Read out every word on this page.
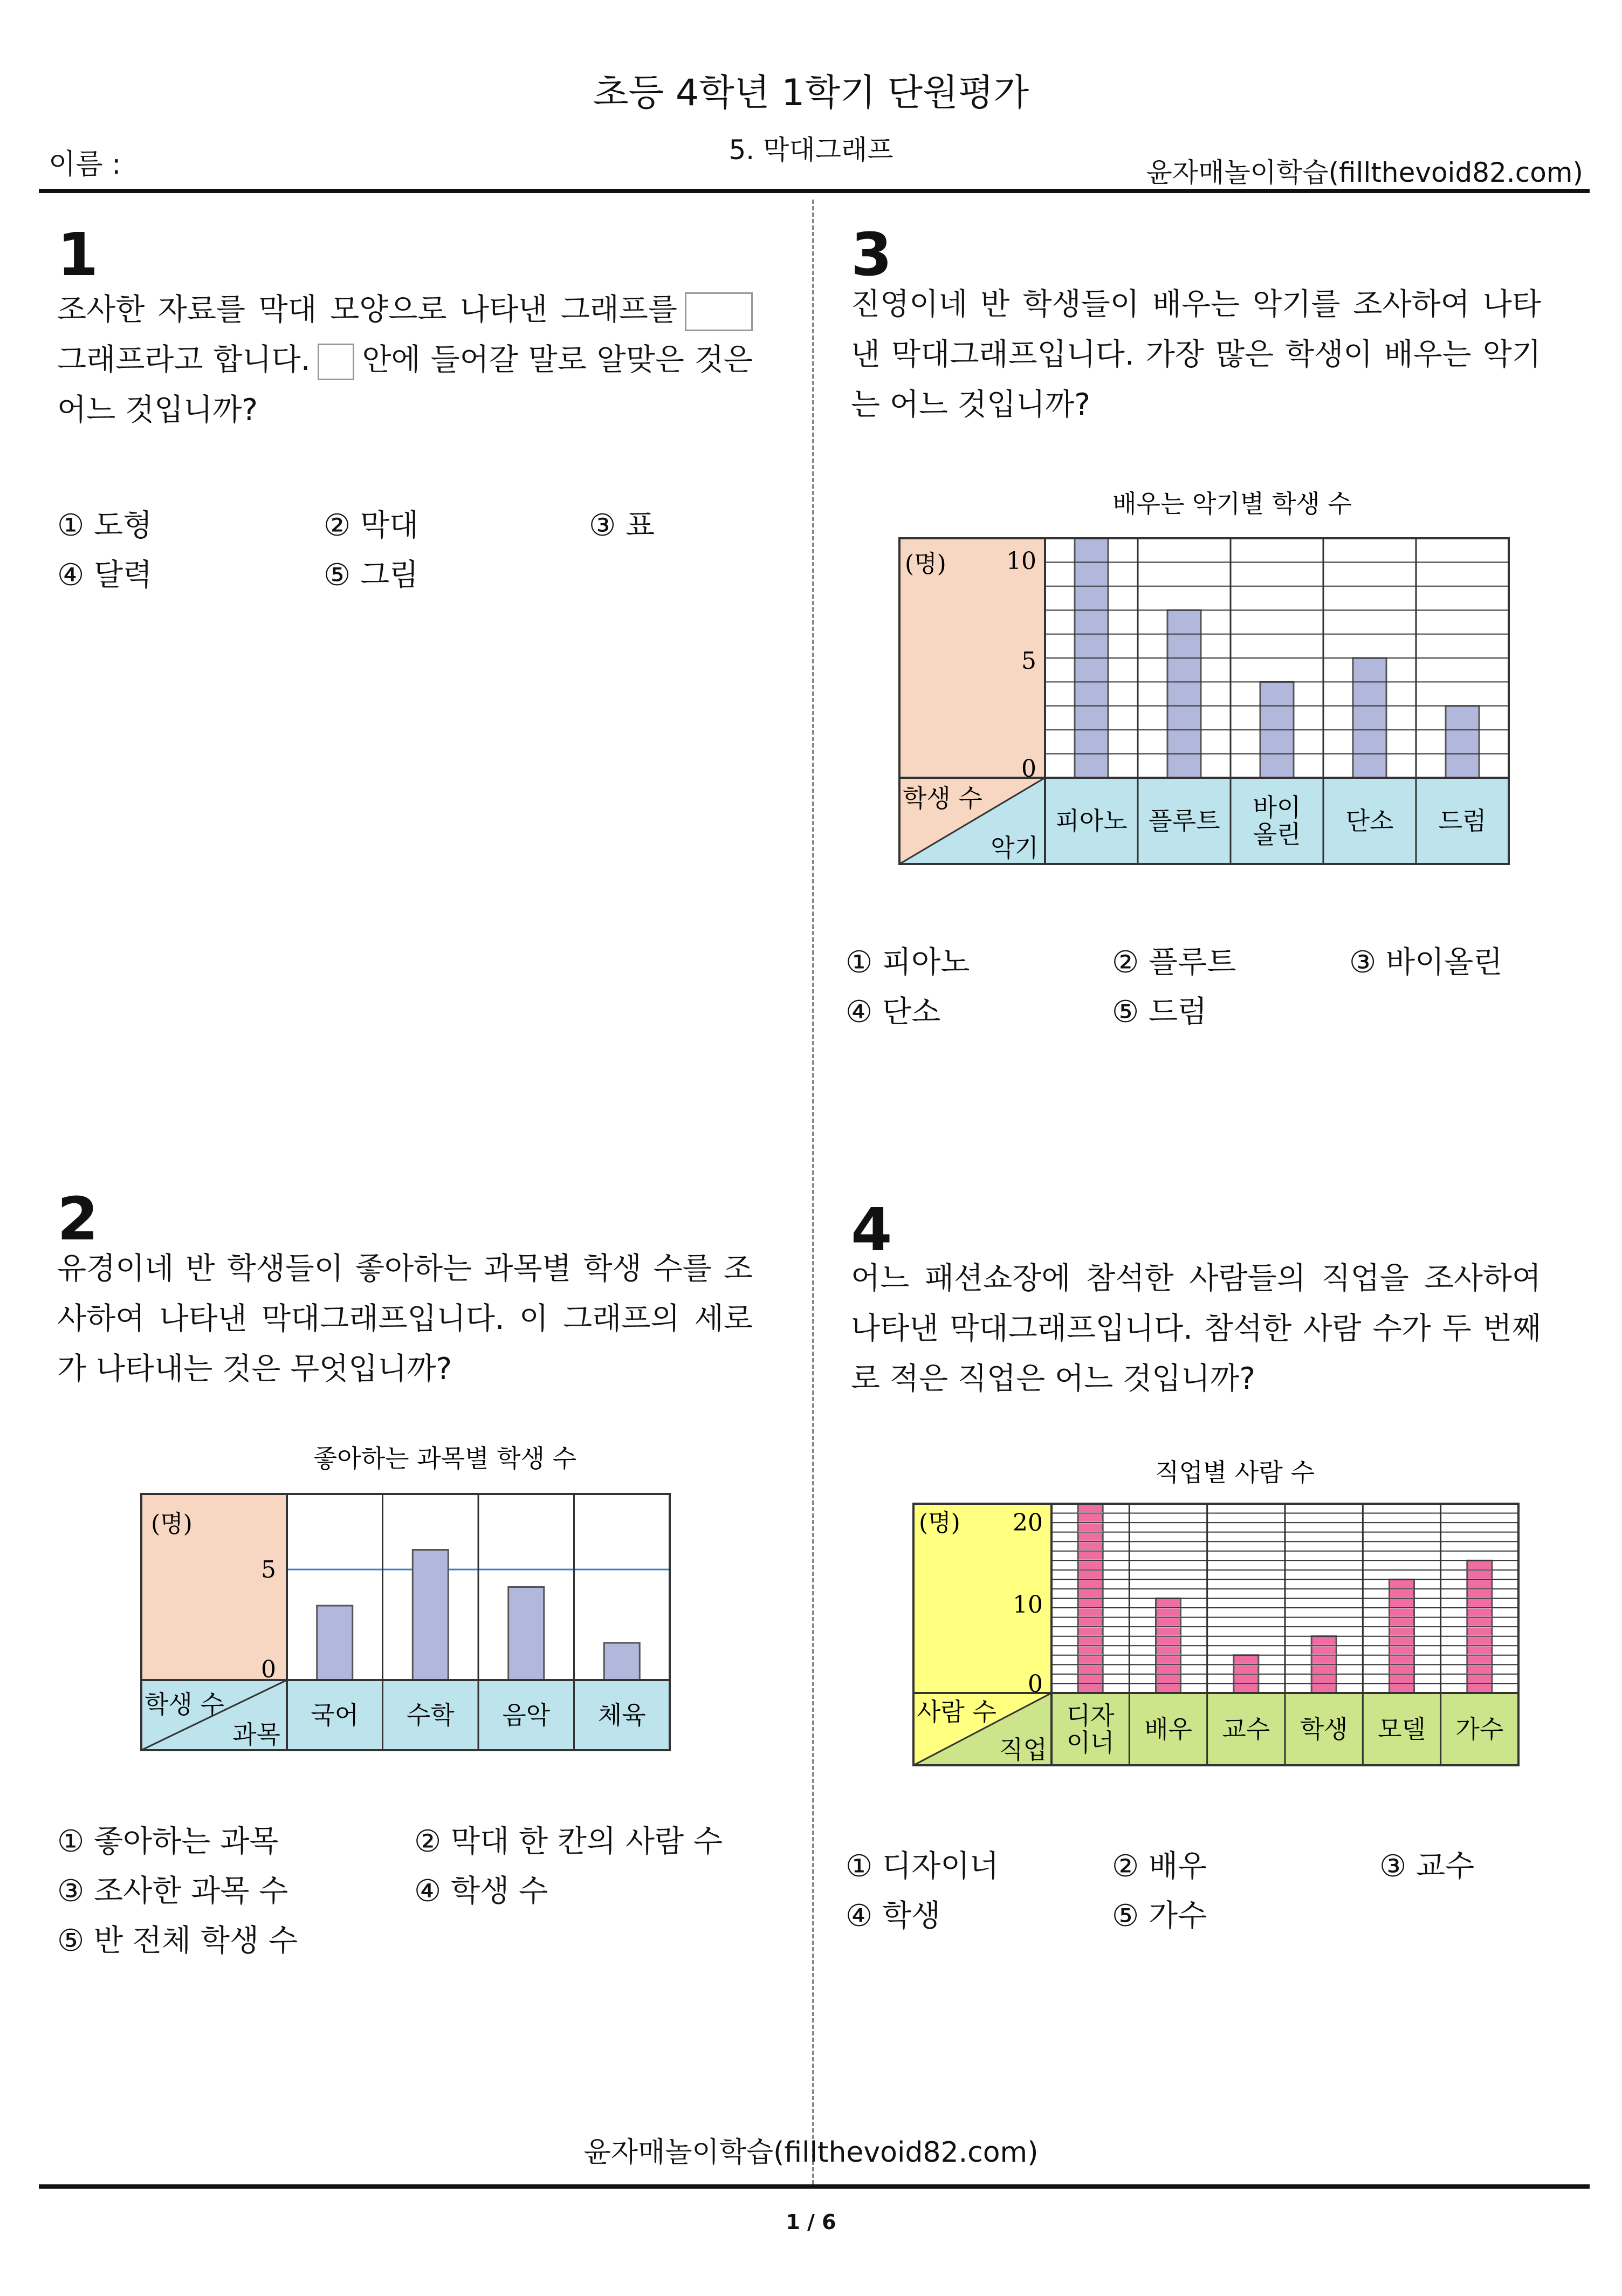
초등 4학년 1학기 단원평가
5. 막대그래프
이름 :	윤자매놀이학습(fillthevoid82.com)
1
조사한 자료를 막대 모양으로 나타낸 그래프를 그래프라고 합니다. 안에 들어갈 말로 알맞은 것은 어느 것입니까?
① 도형	② 막대	③ 표
④ 달력	⑤ 그림
2
유경이네 반 학생들이 좋아하는 과목별 학생 수를 조사하여 나타낸 막대그래프입니다. 이 그래프의 세로가 나타내는 것은 무엇입니까?
좋아하는 과목별 학생 수
(명)
0
5
학생 수
과목
국어 수학 음악 체육
① 좋아하는 과목	② 막대 한 칸의 사람 수
③ 조사한 과목 수	④ 학생 수
⑤ 반 전체 학생 수
3
진영이네 반 학생들이 배우는 악기를 조사하여 나타낸 막대그래프입니다. 가장 많은 학생이 배우는 악기는 어느 것입니까?
배우는 악기별 학생 수
(명)
0
5
10
학생 수
악기
피아노 플루트 바이
올린 단소 드럼
① 피아노	② 플루트	③ 바이올린
④ 단소	⑤ 드럼
4
어느 패션쇼장에 참석한 사람들의 직업을 조사하여 나타낸 막대그래프입니다. 참석한 사람 수가 두 번째로 적은 직업은 어느 것입니까?
직업별 사람 수
(명)
0
10
20
사람 수
직업
디자
이너 배우 교수 학생 모델 가수
① 디자이너	② 배우	③ 교수
④ 학생	⑤ 가수
윤자매놀이학습(fillthevoid82.com)
1 / 6
